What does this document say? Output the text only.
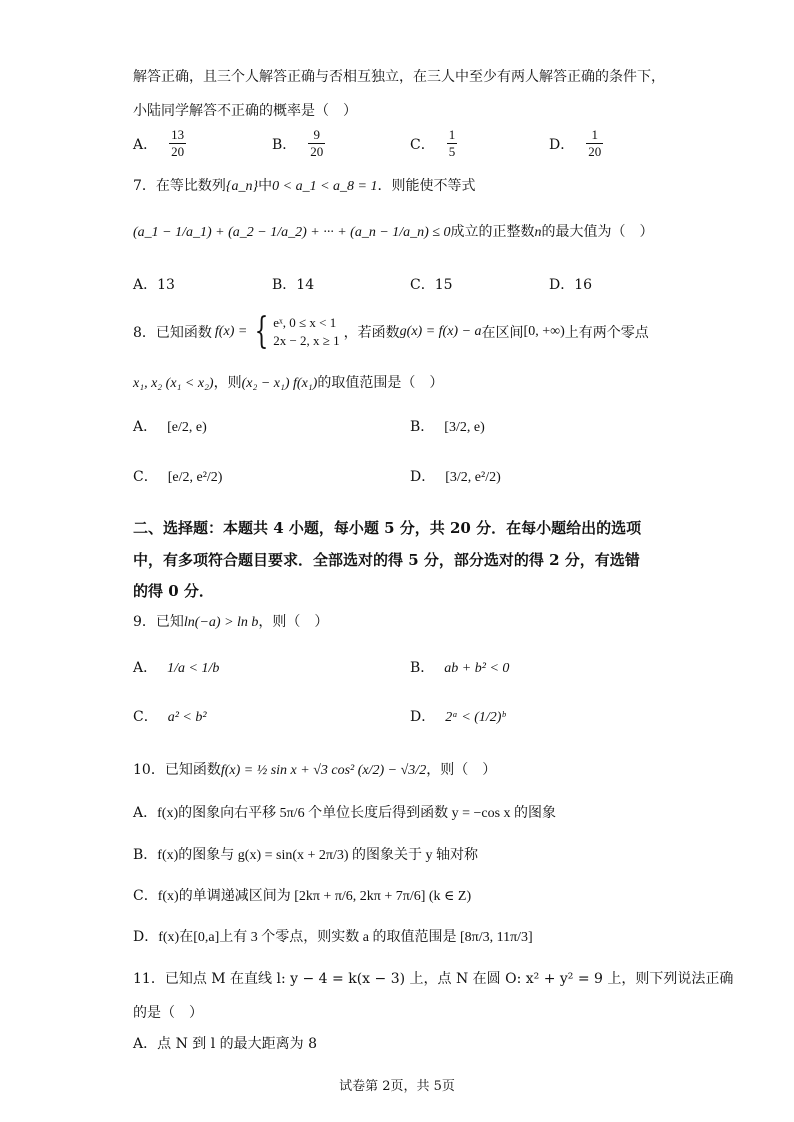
解答正确，且三个人解答正确与否相互独立，在三人中至少有两人解答正确的条件下，
小陆同学解答不正确的概率是（　）
A． $\frac{13}{20}$	B． $\frac{9}{20}$	C． $\frac{1}{5}$	D． $\frac{1}{20}$
7．在等比数列{a_n}中0 < a_1 < a_8 = 1．则能使不等式
(a_1 − 1/a_1) + (a_2 − 1/a_2) + ··· + (a_n − 1/a_n) ≤ 0成立的正整数n的最大值为（　）
A．13	B．14	C．15	D．16
8．已知函数 f(x) = { eˣ, 0 ≤ x < 1
2x − 2, x ≥ 1 ，若函数 g(x) = f(x) − a 在区间 [0, +∞) 上有两个零点
x₁, x₂ (x₁ < x₂)，则(x₂ − x₁) f(x₁)的取值范围是（　）
A． [e/2, e)	B． [3/2, e)
C． [e/2, e²/2)	D． [3/2, e²/2)
二、选择题：本题共 4 小题，每小题 5 分，共 20 分．在每小题给出的选项
中，有多项符合题目要求．全部选对的得 5 分，部分选对的得 2 分，有选错
的得 0 分．
9．已知ln(−a) > ln b，则（　）
A． 1/a < 1/b	B． ab + b² < 0
C． a² < b²	D． 2ᵃ < (1/2)ᵇ
10．已知函数f(x) = ½ sin x + √3 cos² (x/2) − √3/2，则（　）
A．f(x)的图象向右平移 5π/6 个单位长度后得到函数 y = −cos x 的图象
B．f(x)的图象与 g(x) = sin(x + 2π/3) 的图象关于 y 轴对称
C．f(x)的单调递减区间为 [2kπ + π/6, 2kπ + 7π/6] (k ∈ Z)
D．f(x)在[0,a]上有 3 个零点，则实数 a 的取值范围是 [8π/3, 11π/3]
11．已知点 M 在直线 l: y − 4 = k(x − 3) 上，点 N 在圆 O: x² + y² = 9 上，则下列说法正确
的是（　）
A．点 N 到 l 的最大距离为 8
试卷第 2页，共 5页
